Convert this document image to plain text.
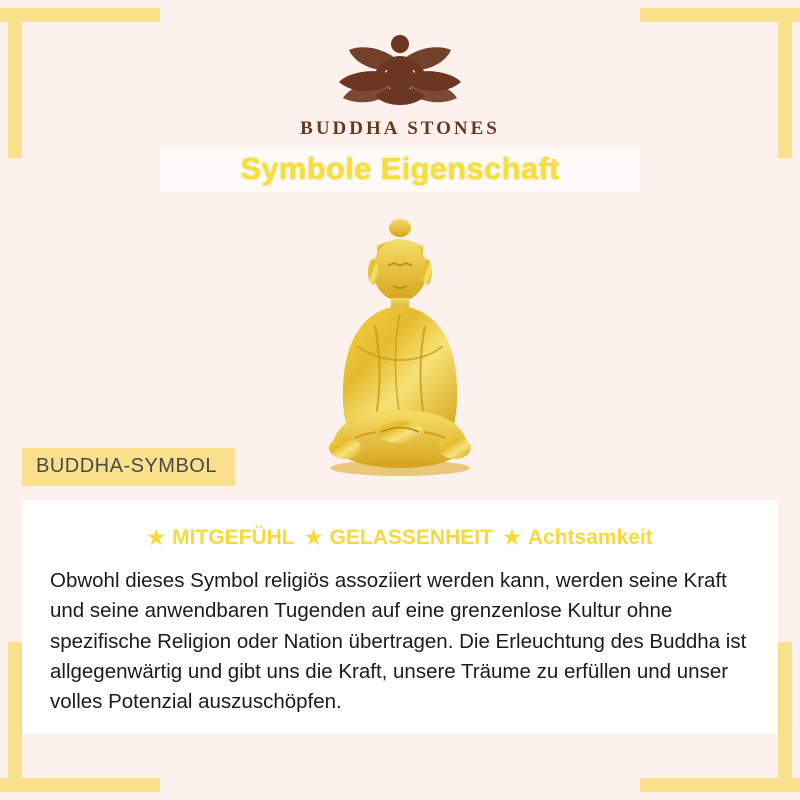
BUDDHA STONES
Symbole Eigenschaft
BUDDHA-SYMBOL
★ MITGEFÜHL ★ GELASSENHEIT ★ Achtsamkeit

Obwohl dieses Symbol religiös assoziiert werden kann, werden seine Kraft und seine anwendbaren Tugenden auf eine grenzenlose Kultur ohne spezifische Religion oder Nation übertragen. Die Erleuchtung des Buddha ist allgegenwärtig und gibt uns die Kraft, unsere Träume zu erfüllen und unser volles Potenzial auszuschöpfen.
